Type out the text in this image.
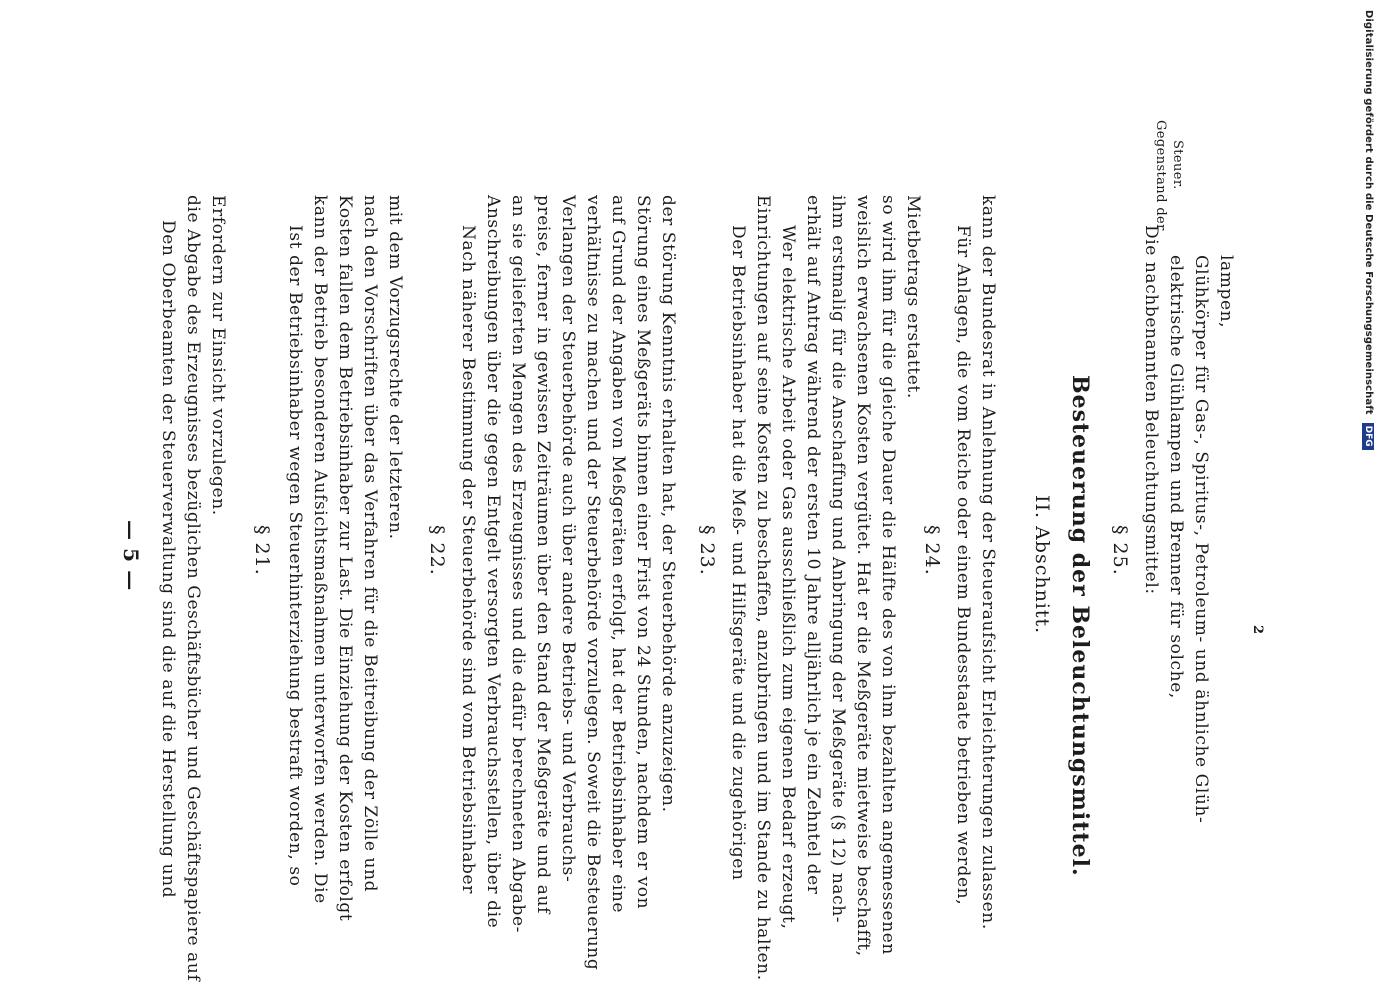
— 5 — Den Oberbeamten der Steuerverwaltung sind die auf die Herstellung und die Abgabe des Erzeugnisses bezüglichen Geschäftsbücher und Geschäftspapiere auf Erfordern zur Einsicht vorzulegen.
§ 21. Ist der Betriebsinhaber wegen Steuerhinterziehung bestraft worden, so kann der Betrieb besonderen Aufsichtsmaßnahmen unterworfen werden. Die Kosten fallen dem Betriebsinhaber zur Last. Die Einziehung der Kosten erfolgt nach den Vorschriften über das Verfahren für die Beitreibung der Zölle und mit dem Vorzugsrechte der letzteren.
§ 22. Nach näherer Bestimmung der Steuerbehörde sind vom Betriebsinhaber Anschreibungen über die gegen Entgelt versorgten Verbrauchsstellen, über die an sie gelieferten Mengen des Erzeugnisses und die dafür berechneten Abgabe- preise, ferner in gewissen Zeiträumen über den Stand der Meßgeräte und auf Verlangen der Steuerbehörde auch über andere Betriebs- und Verbrauchs- verhältnisse zu machen und der Steuerbehörde vorzulegen. Soweit die Besteuerung auf Grund der Angaben von Meßgeräten erfolgt, hat der Betriebsinhaber eine Störung eines Meßgeräts binnen einer Frist von 24 Stunden, nachdem er von der Störung Kenntnis erhalten hat, der Steuerbehörde anzuzeigen. § 23. Der Betriebsinhaber hat die Meß- und Hilfsgeräte und die zugehörigen Einrichtungen auf seine Kosten zu beschaffen, anzubringen und im Stande zu halten. Wer elektrische Arbeit oder Gas ausschließlich zum eigenen Bedarf erzeugt, erhält auf Antrag während der ersten 10 Jahre alljährlich je ein Zehntel der ihm erstmalig für die Anschaffung und Anbringung der Meßgeräte (§ 12) nach- weislich erwachsenen Kosten vergütet. Hat er die Meßgeräte mietweise beschafft, so wird ihm für die gleiche Dauer die Hälfte des von ihm bezahlten angemessenen Mietbetrags erstattet.
§ 24. Für Anlagen, die vom Reiche oder einem Bundesstaate betrieben werden, kann der Bundesrat in Anlehnung der Steueraufsicht Erleichterungen zulassen. II. Abschnitt. Besteuerung der Beleuchtungsmittel. § 25. Die nachbenannten Beleuchtungsmittel: elektrische Glühlampen und Brenner für solche, Glühkörper für Gas-, Spiritus-, Petroleum- und ähnliche Glüh- lampen,
Gegenstand der Steuer.
2
Digitalisierung gefördert durch die Deutsche Forschungsgemeinschaft DFG
